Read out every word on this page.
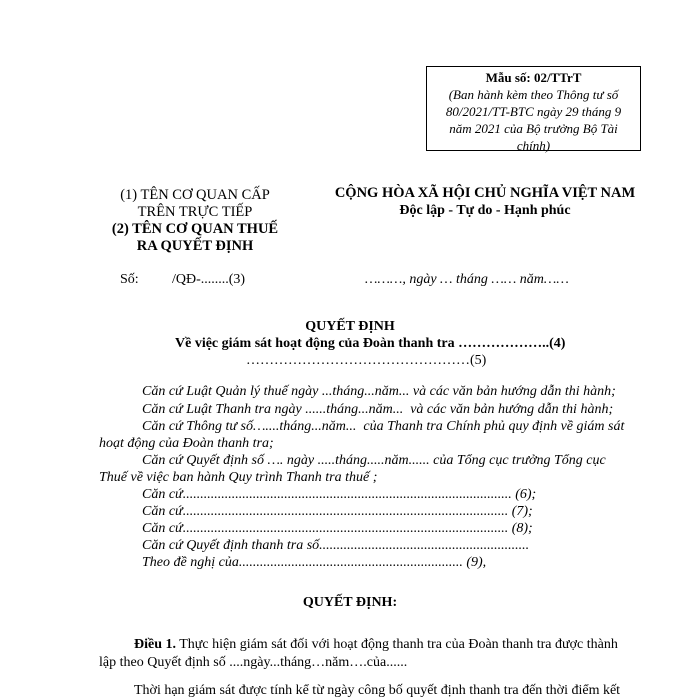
Mẫu số: 02/TTrT
(Ban hành kèm theo Thông tư số
80/2021/TT-BTC ngày 29 tháng 9
năm 2021 của Bộ trưởng Bộ Tài
chính)
(1) TÊN CƠ QUAN CẤP
TRÊN TRỰC TIẾP
(2) TÊN CƠ QUAN THUẾ
RA QUYẾT ĐỊNH
CỘNG HÒA XÃ HỘI CHỦ NGHĨA VIỆT NAM
Độc lập - Tự do - Hạnh phúc
Số: /QĐ-........(3)	………, ngày … tháng …… năm……
QUYẾT ĐỊNH
Về việc giám sát hoạt động của Đoàn thanh tra ………………..(4)
…………………………………………(5)
Căn cứ Luật Quản lý thuế ngày ...tháng...năm... và các văn bản hướng dẫn thi hành;
Căn cứ Luật Thanh tra ngày ......tháng...năm...  và các văn bản hướng dẫn thi hành;
Căn cứ Thông tư số…....tháng...năm...  của Thanh tra Chính phủ quy định về giám sát
hoạt động của Đoàn thanh tra;
Căn cứ Quyết định số …. ngày .....tháng.....năm...... của Tổng cục trưởng Tổng cục
Thuế về việc ban hành Quy trình Thanh tra thuế ;
Căn cứ.............................................................................................. (6);
Căn cứ............................................................................................. (7);
Căn cứ............................................................................................. (8);
Căn cứ Quyết định thanh tra số............................................................
Theo đề nghị của................................................................ (9),
QUYẾT ĐỊNH:
Điều 1. Thực hiện giám sát đối với hoạt động thanh tra của Đoàn thanh tra được thành
lập theo Quyết định số ....ngày...tháng…năm….của......
Thời hạn giám sát được tính kể từ ngày công bố quyết định thanh tra đến thời điểm kết
